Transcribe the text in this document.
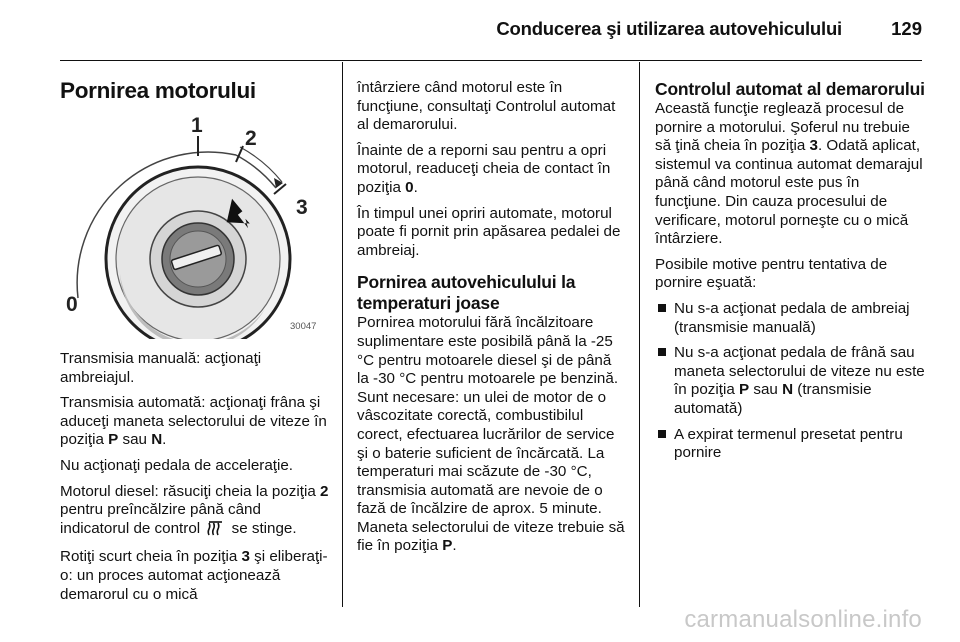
Conducerea şi utilizarea autovehiculului	129
Pornirea motorului
1
2
3
0
30047

Transmisia manuală: acţionaţi ambreiajul.

Transmisia automată: acţionaţi frâna şi aduceţi maneta selectorului de viteze în poziţia P sau N.

Nu acţionaţi pedala de acceleraţie.

Motorul diesel: răsuciţi cheia la poziţia 2 pentru preîncălzire până când indicatorul de control  se stinge.

Rotiţi scurt cheia în poziţia 3 şi eliberaţi-o: un proces automat acţionează demarorul cu o mică

întârziere când motorul este în funcţiune, consultaţi Controlul automat al demarorului.

Înainte de a reporni sau pentru a opri motorul, readuceţi cheia de contact în poziţia 0.

În timpul unei opriri automate, motorul poate fi pornit prin apăsarea pedalei de ambreiaj.

Pornirea autovehiculului la temperaturi joase

Pornirea motorului fără încălzitoare suplimentare este posibilă până la -25 °C pentru motoarele diesel şi de până la -30 °C pentru motoarele pe benzină. Sunt necesare: un ulei de motor de o vâscozitate corectă, combustibilul corect, efectuarea lucrărilor de service şi o baterie suficient de încărcată. La temperaturi mai scăzute de -30 °C, transmisia automată are nevoie de o fază de încălzire de aprox. 5 minute. Maneta selectorului de viteze trebuie să fie în poziţia P.

Controlul automat al demarorului

Această funcţie reglează procesul de pornire a motorului. Şoferul nu trebuie să ţină cheia în poziţia 3. Odată aplicat, sistemul va continua automat demarajul până când motorul este pus în funcţiune. Din cauza procesului de verificare, motorul porneşte cu o mică întârziere.

Posibile motive pentru tentativa de pornire eşuată:

Nu s-a acţionat pedala de ambreiaj (transmisie manuală)
Nu s-a acţionat pedala de frână sau maneta selectorului de viteze nu este în poziţia P sau N (transmisie automată)
A expirat termenul presetat pentru pornire
carmanualsonline.info
